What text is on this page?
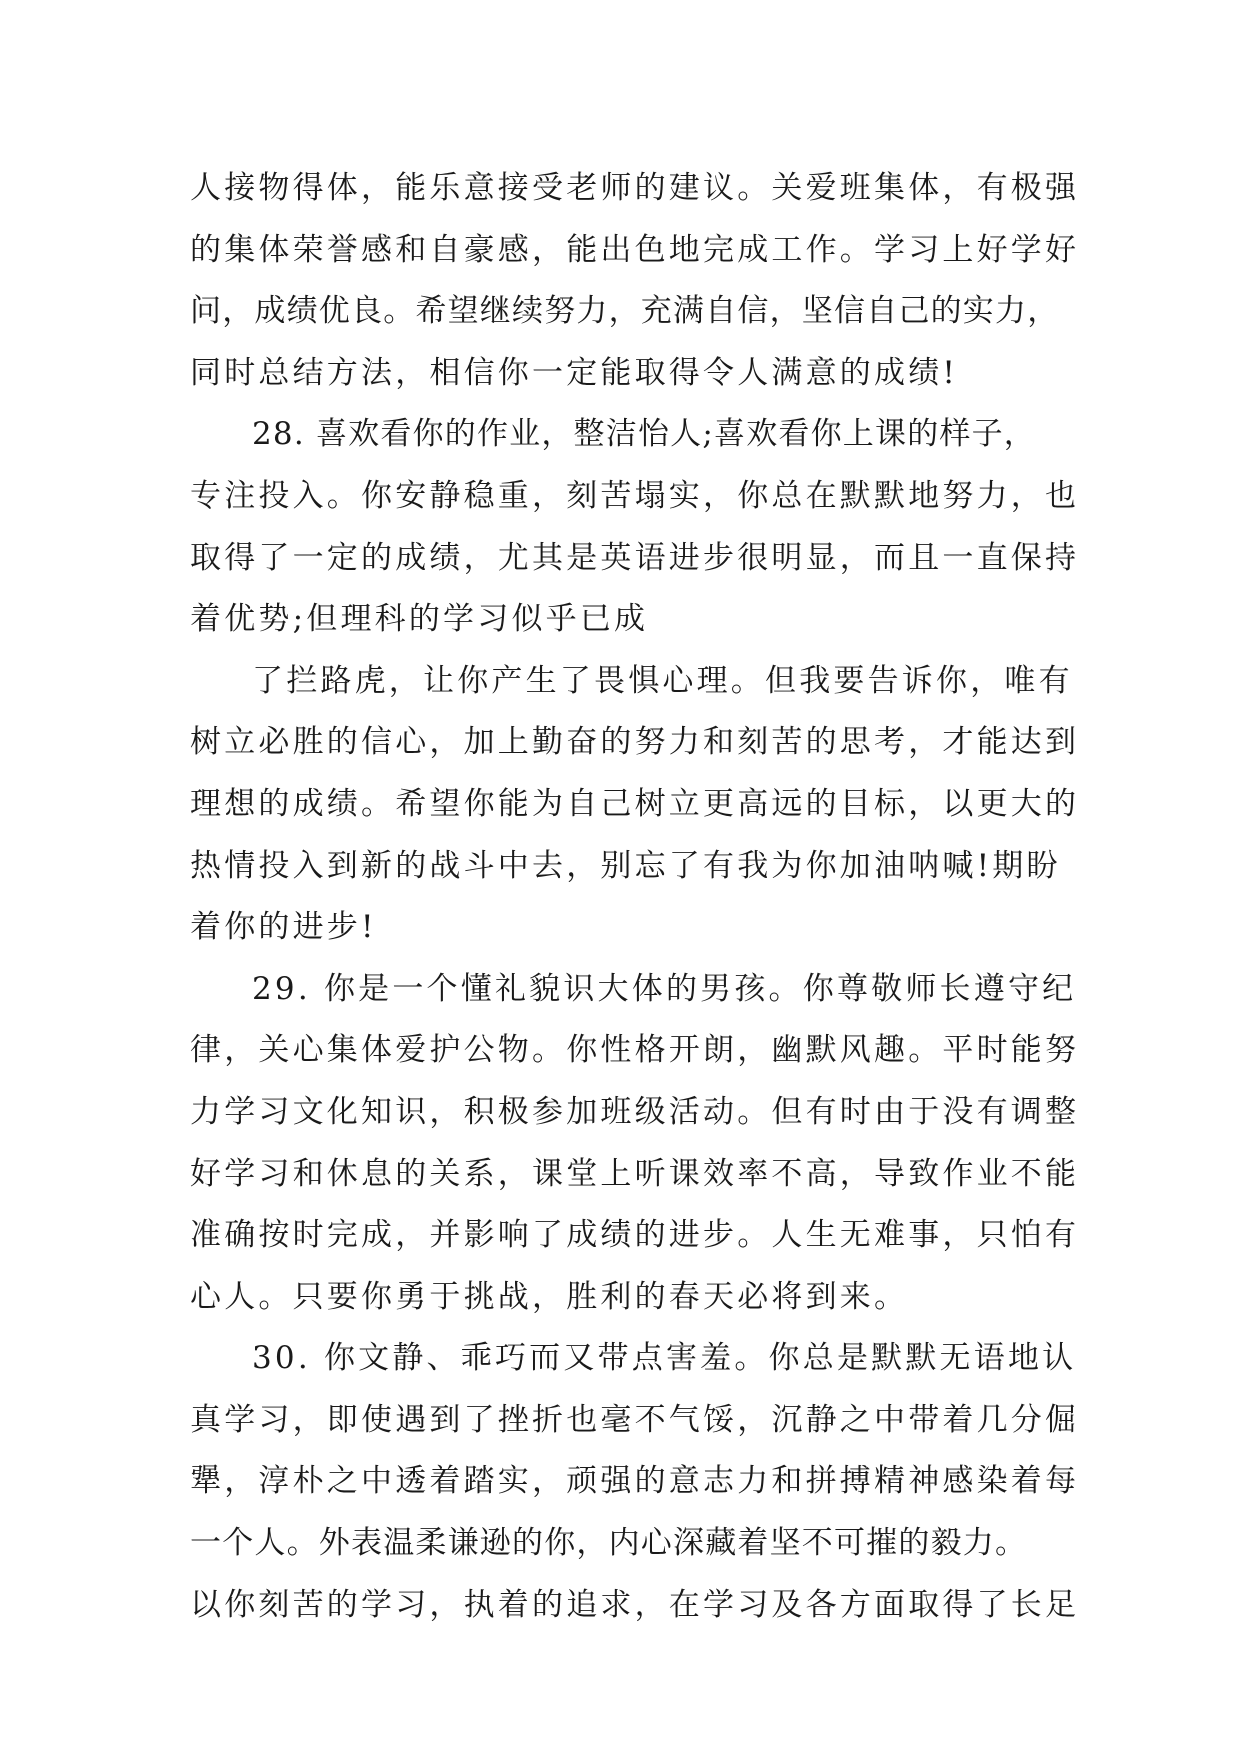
人接物得体，能乐意接受老师的建议。关爱班集体，有极强
的集体荣誉感和自豪感，能出色地完成工作。学习上好学好
问，成绩优良。希望继续努力，充满自信，坚信自己的实力，
同时总结方法，相信你一定能取得令人满意的成绩!
28. 喜欢看你的作业，整洁怡人;喜欢看你上课的样子，
专注投入。你安静稳重，刻苦塌实，你总在默默地努力，也
取得了一定的成绩，尤其是英语进步很明显，而且一直保持
着优势;但理科的学习似乎已成
了拦路虎，让你产生了畏惧心理。但我要告诉你，唯有
树立必胜的信心，加上勤奋的努力和刻苦的思考，才能达到
理想的成绩。希望你能为自己树立更高远的目标，以更大的
热情投入到新的战斗中去，别忘了有我为你加油呐喊!期盼
着你的进步!
29. 你是一个懂礼貌识大体的男孩。你尊敬师长遵守纪
律，关心集体爱护公物。你性格开朗，幽默风趣。平时能努
力学习文化知识，积极参加班级活动。但有时由于没有调整
好学习和休息的关系，课堂上听课效率不高，导致作业不能
准确按时完成，并影响了成绩的进步。人生无难事，只怕有
心人。只要你勇于挑战，胜利的春天必将到来。
30. 你文静、乖巧而又带点害羞。你总是默默无语地认
真学习，即使遇到了挫折也毫不气馁，沉静之中带着几分倔
犟，淳朴之中透着踏实，顽强的意志力和拼搏精神感染着每
一个人。外表温柔谦逊的你，内心深藏着坚不可摧的毅力。
以你刻苦的学习，执着的追求，在学习及各方面取得了长足
